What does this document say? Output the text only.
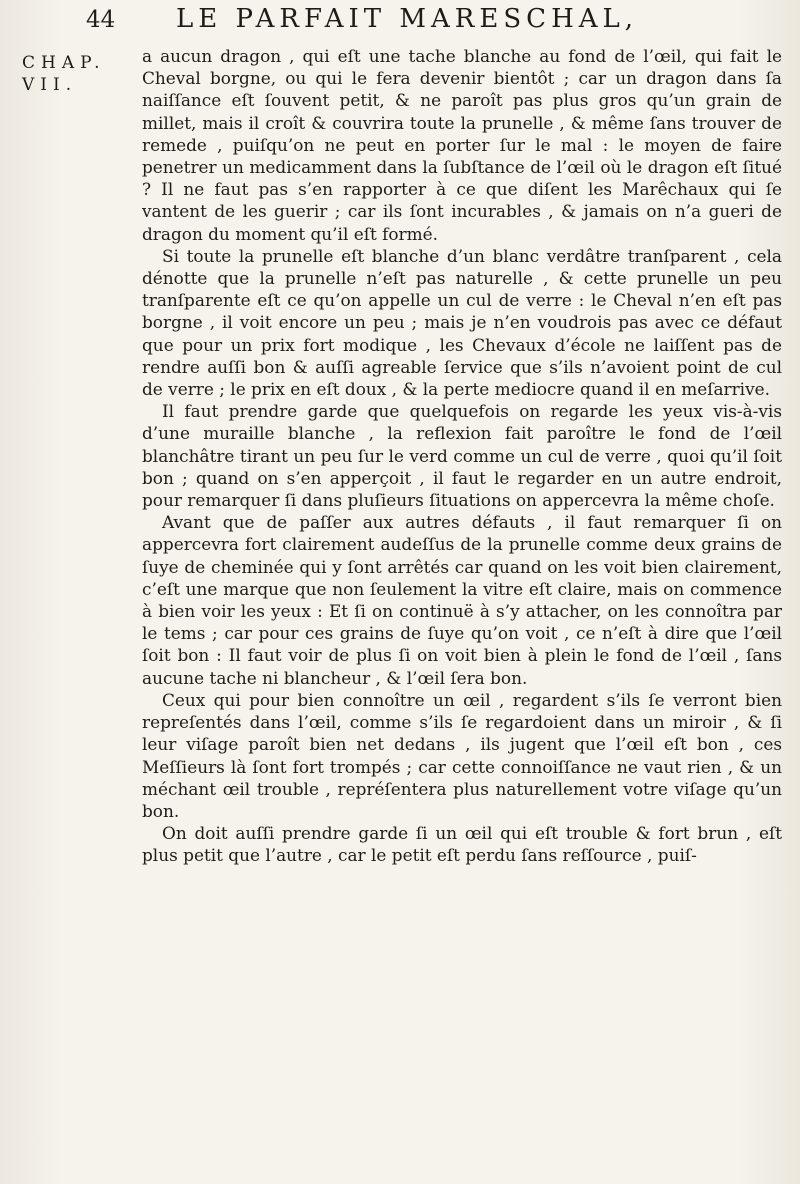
44	LE PARFAIT MARESCHAL,
CHAP.
VII.

a aucun dragon , qui eſt une tache blanche au fond de l’œil, qui fait le Cheval borgne, ou qui le fera devenir bientôt ; car un dragon dans ſa naiſſance eſt ſouvent petit, & ne paroît pas plus gros qu’un grain de millet, mais il croît & couvrira toute la prunelle , & même ſans trouver de remede , puiſqu’on ne peut en porter ſur le mal : le moyen de faire penetrer un medicamment dans la ſubſtance de l’œil où le dragon eſt ſitué ? Il ne faut pas s’en rapporter à ce que diſent les Marêchaux qui ſe vantent de les guerir ; car ils ſont incurables , & jamais on n’a gueri de dragon du moment qu’il eſt formé.

Si toute la prunelle eſt blanche d’un blanc verdâtre tranſparent , cela dénotte que la prunelle n’eſt pas naturelle , & cette prunelle un peu tranſparente eſt ce qu’on appelle un cul de verre : le Cheval n’en eſt pas borgne , il voit encore un peu ; mais je n’en voudrois pas avec ce défaut que pour un prix fort modique , les Chevaux d’école ne laiſſent pas de rendre auſſi bon & auſſi agreable ſervice que s’ils n’avoient point de cul de verre ; le prix en eſt doux , & la perte mediocre quand il en meſarrive.

Il faut prendre garde que quelquefois on regarde les yeux vis-à-vis d’une muraille blanche , la reflexion fait paroître le fond de l’œil blanchâtre tirant un peu ſur le verd comme un cul de verre , quoi qu’il ſoit bon ; quand on s’en apperçoit , il faut le regarder en un autre endroit, pour remarquer ſi dans pluſieurs ſituations on appercevra la même choſe.

Avant que de paſſer aux autres défauts , il faut remarquer ſi on appercevra fort clairement audeſſus de la prunelle comme deux grains de ſuye de cheminée qui y ſont arrêtés car quand on les voit bien clairement, c’eſt une marque que non ſeulement la vitre eſt claire, mais on commence à bien voir les yeux : Et ſi on continuë à s’y attacher, on les connoîtra par le tems ; car pour ces grains de ſuye qu’on voit , ce n’eſt à dire que l’œil ſoit bon : Il faut voir de plus ſi on voit bien à plein le fond de l’œil , ſans aucune tache ni blancheur , & l’œil ſera bon.

Ceux qui pour bien connoître un œil , regardent s’ils ſe verront bien repreſentés dans l’œil, comme s’ils ſe regardoient dans un miroir , & ſi leur viſage paroît bien net dedans , ils jugent que l’œil eſt bon , ces Meſſieurs là ſont fort trompés ; car cette connoiſſance ne vaut rien , & un méchant œil trouble , repréſentera plus naturellement votre viſage qu’un bon.

On doit auſſi prendre garde ſi un œil qui eſt trouble & fort brun , eſt plus petit que l’autre , car le petit eſt perdu ſans reſſource , puiſ-
